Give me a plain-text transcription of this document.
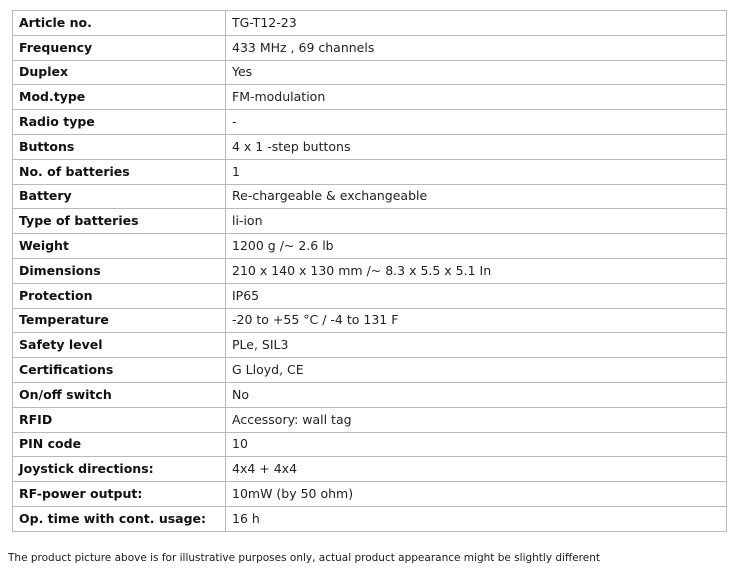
Article no.	TG-T12-23
Frequency	433 MHz , 69 channels
Duplex	Yes
Mod.type	FM-modulation
Radio type	-
Buttons	4 x 1 -step buttons
No. of batteries	1
Battery	Re-chargeable & exchangeable
Type of batteries	li-ion
Weight	1200 g /~ 2.6 lb
Dimensions	210 x 140 x 130 mm /~ 8.3 x 5.5 x 5.1 In
Protection	IP65
Temperature	-20 to +55 °C / -4 to 131 F
Safety level	PLe, SIL3
Certifications	G Lloyd, CE
On/off switch	No
RFID	Accessory: wall tag
PIN code	10
Joystick directions:	4x4 + 4x4
RF-power output:	10mW (by 50 ohm)
Op. time with cont. usage:	16 h
The product picture above is for illustrative purposes only, actual product appearance might be slightly different
